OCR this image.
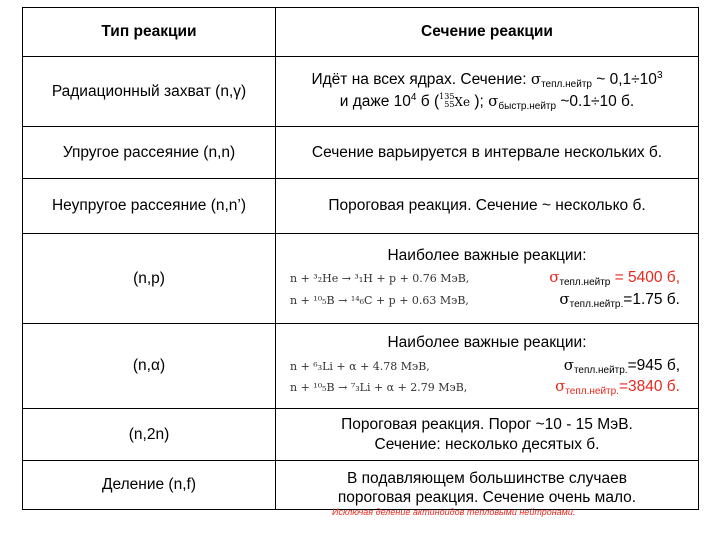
Тип реакции	Сечение реакции
Радиационный захват (n,γ)	Идёт на всех ядрах. Сечение: $\sigma_{тепл.нейтр}$ ~ $0,1\div 10^3$
и даже $10^4$ б (135
55Xe ); $\sigma_{быстр.нейтр}$ ~0.1÷10 б.

Упругое рассеяние (n,n)	Сечение варьируется в интервале нескольких б.
Неупругое рассеяние (n,n’)	Пороговая реакция. Сечение ~ несколько б.
(n,p)	Наиболее важные реакции:
n + ³₂He → ³₁H + p + 0.76 МэВ, $\sigma_{тепл.нейтр} = 5400$ б,
n + ¹⁰₅B → ¹⁴₆C + p + 0.63 МэВ, $\sigma_{тепл.нейтр.}=1.75$ б.

(n,α)	Наиболее важные реакции:
n + ⁶₃Li + α + 4.78 МэВ, $\sigma_{тепл.нейтр.}=945$ б,
n + ¹⁰₅B → ⁷₃Li + α + 2.79 МэВ, $\sigma_{тепл.нейтр.}=3840$ б.

(n,2n)	Пороговая реакция. Порог ~10 - 15 МэВ.
Сечение: несколько десятых б.

Деление (n,f)	В подавляющем большинстве случаев
пороговая реакция. Сечение очень мало.
Исключая деление актиноидов тепловыми нейтронами.
